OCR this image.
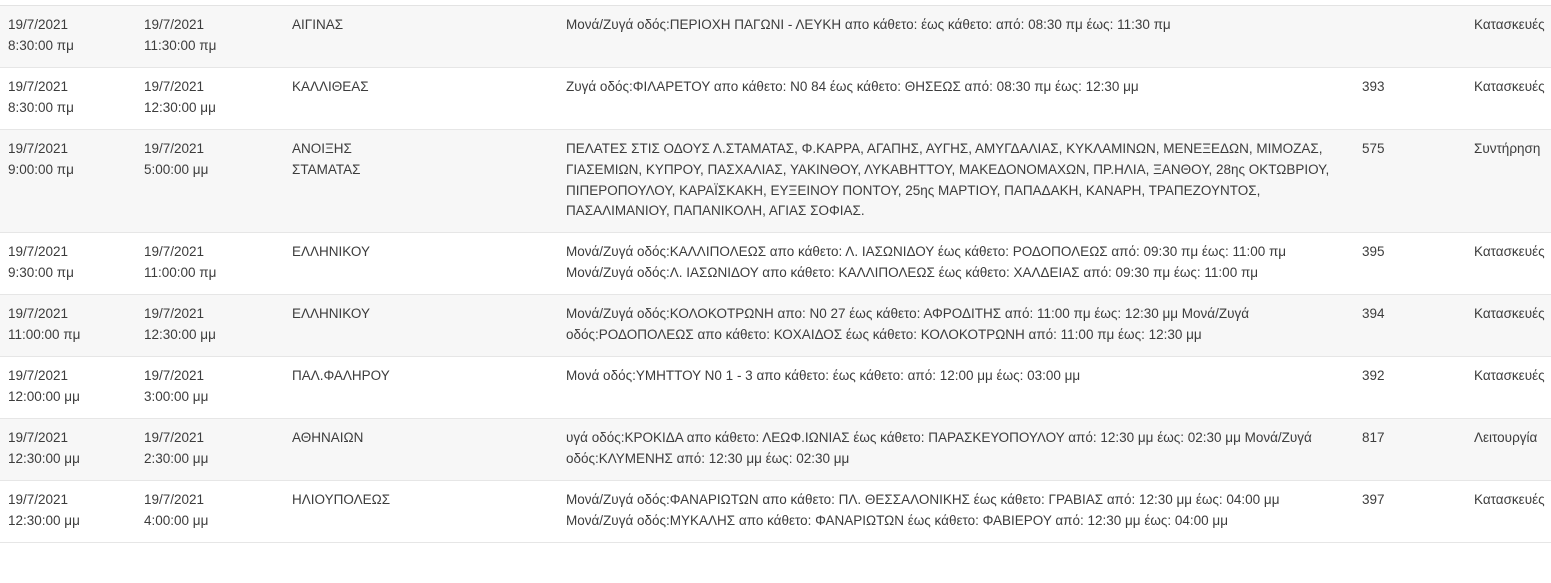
19/7/2021
8:30:00 πμ	19/7/2021
11:30:00 πμ	ΑΙΓΙΝΑΣ	Μονά/Ζυγά οδός:ΠΕΡΙΟΧΗ ΠΑΓΩΝΙ - ΛΕΥΚΗ απο κάθετο: έως κάθετο: από: 08:30 πμ έως: 11:30 πμ		Κατασκευές

19/7/2021
8:30:00 πμ	19/7/2021
12:30:00 μμ	ΚΑΛΛΙΘΕΑΣ	Ζυγά οδός:ΦΙΛΑΡΕΤΟΥ απο κάθετο: Ν0 84 έως κάθετο: ΘΗΣΕΩΣ από: 08:30 πμ έως: 12:30 μμ	393	Κατασκευές

19/7/2021
9:00:00 πμ	19/7/2021
5:00:00 μμ	ΑΝΟΙΞΗΣ
ΣΤΑΜΑΤΑΣ	ΠΕΛΑΤΕΣ ΣΤΙΣ ΟΔΟΥΣ Λ.ΣΤΑΜΑΤΑΣ, Φ.ΚΑΡΡΑ, ΑΓΑΠΗΣ, ΑΥΓΗΣ, ΑΜΥΓΔΑΛΙΑΣ, ΚΥΚΛΑΜΙΝΩΝ, ΜΕΝΕΞΕΔΩΝ, ΜΙΜΟΖΑΣ,
ΓΙΑΣΕΜΙΩΝ, ΚΥΠΡΟΥ, ΠΑΣΧΑΛΙΑΣ, ΥΑΚΙΝΘΟΥ, ΛΥΚΑΒΗΤΤΟΥ, ΜΑΚΕΔΟΝΟΜΑΧΩΝ, ΠΡ.ΗΛΙΑ, ΞΑΝΘΟΥ, 28ης ΟΚΤΩΒΡΙΟΥ,
ΠΙΠΕΡΟΠΟΥΛΟΥ, ΚΑΡΑΪΣΚΑΚΗ, ΕΥΞΕΙΝΟΥ ΠΟΝΤΟΥ, 25ης ΜΑΡΤΙΟΥ, ΠΑΠΑΔΑΚΗ, ΚΑΝΑΡΗ, ΤΡΑΠΕΖΟΥΝΤΟΣ,
ΠΑΣΑΛΙΜΑΝΙΟΥ, ΠΑΠΑΝΙΚΟΛΗ, ΑΓΙΑΣ ΣΟΦΙΑΣ.	575	Συντήρηση

19/7/2021
9:30:00 πμ	19/7/2021
11:00:00 πμ	ΕΛΛΗΝΙΚΟΥ	Μονά/Ζυγά οδός:ΚΑΛΛΙΠΟΛΕΩΣ απο κάθετο: Λ. ΙΑΣΩΝΙΔΟΥ έως κάθετο: ΡΟΔΟΠΟΛΕΩΣ από: 09:30 πμ έως: 11:00 πμ
Μονά/Ζυγά οδός:Λ. ΙΑΣΩΝΙΔΟΥ απο κάθετο: ΚΑΛΛΙΠΟΛΕΩΣ έως κάθετο: ΧΑΛΔΕΙΑΣ από: 09:30 πμ έως: 11:00 πμ	395	Κατασκευές

19/7/2021
11:00:00 πμ	19/7/2021
12:30:00 μμ	ΕΛΛΗΝΙΚΟΥ	Μονά/Ζυγά οδός:ΚΟΛΟΚΟΤΡΩΝΗ απο: Ν0 27 έως κάθετο: ΑΦΡΟΔΙΤΗΣ από: 11:00 πμ έως: 12:30 μμ Μονά/Ζυγά
οδός:ΡΟΔΟΠΟΛΕΩΣ απο κάθετο: ΚΟΧΑΙΔΟΣ έως κάθετο: ΚΟΛΟΚΟΤΡΩΝΗ από: 11:00 πμ έως: 12:30 μμ	394	Κατασκευές

19/7/2021
12:00:00 μμ	19/7/2021
3:00:00 μμ	ΠΑΛ.ΦΑΛΗΡΟΥ	Μονά οδός:ΥΜΗΤΤΟΥ Ν0 1 - 3 απο κάθετο: έως κάθετο: από: 12:00 μμ έως: 03:00 μμ	392	Κατασκευές

19/7/2021
12:30:00 μμ	19/7/2021
2:30:00 μμ	ΑΘΗΝΑΙΩΝ	υγά οδός:ΚΡΟΚΙΔΑ απο κάθετο: ΛΕΩΦ.ΙΩΝΙΑΣ έως κάθετο: ΠΑΡΑΣΚΕΥΟΠΟΥΛΟΥ από: 12:30 μμ έως: 02:30 μμ Μονά/Ζυγά
οδός:ΚΛΥΜΕΝΗΣ από: 12:30 μμ έως: 02:30 μμ	817	Λειτουργία

19/7/2021
12:30:00 μμ	19/7/2021
4:00:00 μμ	ΗΛΙΟΥΠΟΛΕΩΣ	Μονά/Ζυγά οδός:ΦΑΝΑΡΙΩΤΩΝ απο κάθετο: ΠΛ. ΘΕΣΣΑΛΟΝΙΚΗΣ έως κάθετο: ΓΡΑΒΙΑΣ από: 12:30 μμ έως: 04:00 μμ
Μονά/Ζυγά οδός:ΜΥΚΑΛΗΣ απο κάθετο: ΦΑΝΑΡΙΩΤΩΝ έως κάθετο: ΦΑΒΙΕΡΟΥ από: 12:30 μμ έως: 04:00 μμ	397	Κατασκευές
